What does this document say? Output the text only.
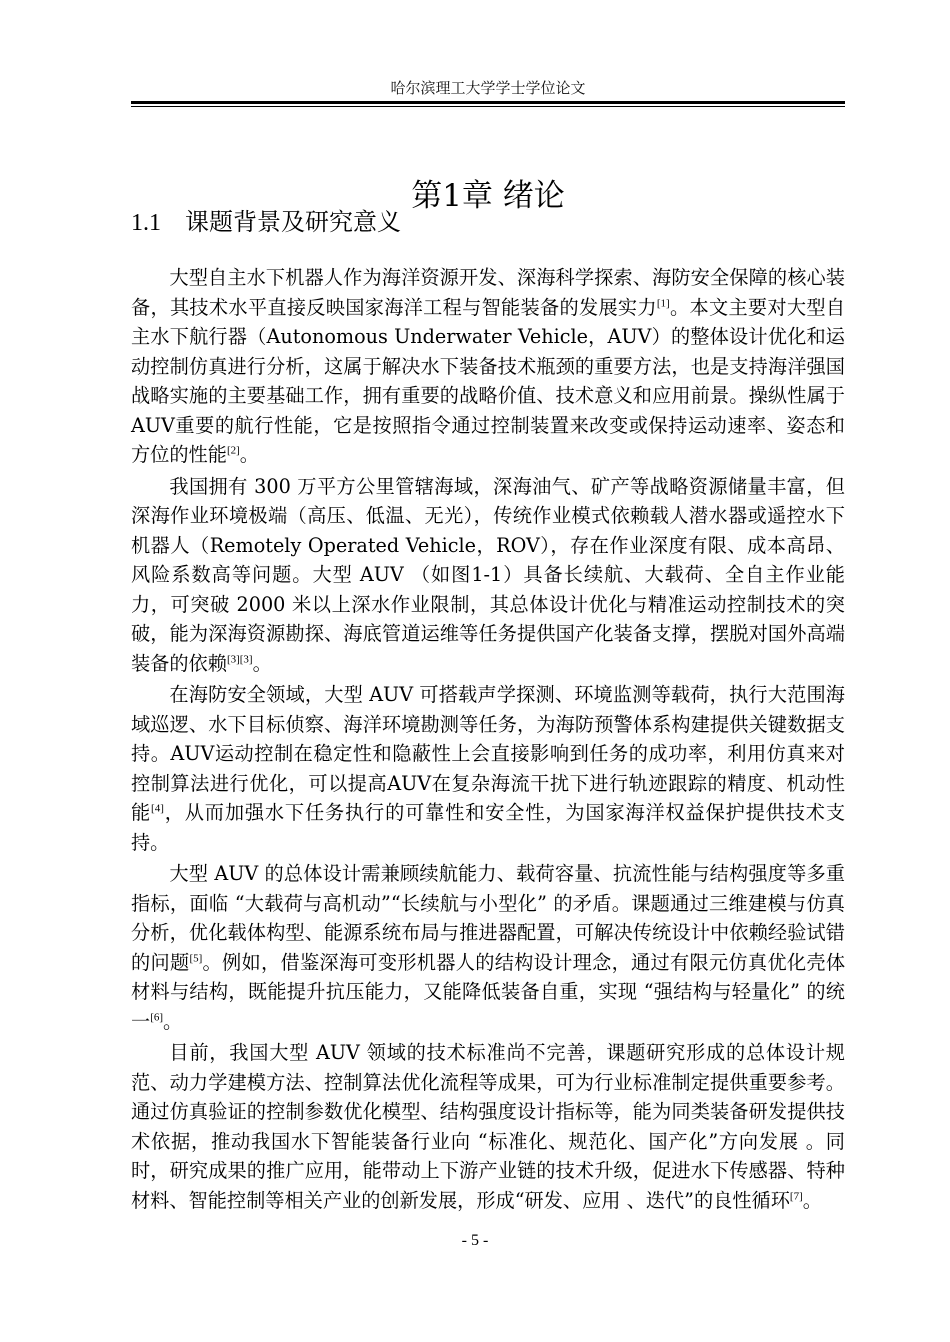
哈尔滨理工大学学士学位论文
第1章 绪论
1.1 课题背景及研究意义

大型自主水下机器人作为海洋资源开发、深海科学探索、海防安全保障的核心装备，其技术水平直接反映国家海洋工程与智能装备的发展实力[1]。本文主要对大型自主水下航行器（Autonomous Underwater Vehicle，AUV）的整体设计优化和运动控制仿真进行分析，这属于解决水下装备技术瓶颈的重要方法，也是支持海洋强国战略实施的主要基础工作，拥有重要的战略价值、技术意义和应用前景。操纵性属于AUV重要的航行性能，它是按照指令通过控制装置来改变或保持运动速率、姿态和方位的性能[2]。

我国拥有 300 万平方公里管辖海域，深海油气、矿产等战略资源储量丰富，但深海作业环境极端（高压、低温、无光），传统作业模式依赖载人潜水器或遥控水下机器人（Remotely Operated Vehicle，ROV），存在作业深度有限、成本高昂、风险系数高等问题。大型 AUV （如图1-1）具备长续航、大载荷、全自主作业能力，可突破 2000 米以上深水作业限制，其总体设计优化与精准运动控制技术的突破，能为深海资源勘探、海底管道运维等任务提供国产化装备支撑，摆脱对国外高端装备的依赖[3][3]。

在海防安全领域，大型 AUV 可搭载声学探测、环境监测等载荷，执行大范围海域巡逻、水下目标侦察、海洋环境勘测等任务，为海防预警体系构建提供关键数据支持。AUV运动控制在稳定性和隐蔽性上会直接影响到任务的成功率，利用仿真来对控制算法进行优化，可以提高AUV在复杂海流干扰下进行轨迹跟踪的精度、机动性能[4]，从而加强水下任务执行的可靠性和安全性，为国家海洋权益保护提供技术支持。

大型 AUV 的总体设计需兼顾续航能力、载荷容量、抗流性能与结构强度等多重指标，面临 “大载荷与高机动”“长续航与小型化” 的矛盾。课题通过三维建模与仿真分析，优化载体构型、能源系统布局与推进器配置，可解决传统设计中依赖经验试错的问题[5]。例如，借鉴深海可变形机器人的结构设计理念，通过有限元仿真优化壳体材料与结构，既能提升抗压能力，又能降低装备自重，实现 “强结构与轻量化” 的统一[6]。

目前，我国大型 AUV 领域的技术标准尚不完善，课题研究形成的总体设计规范、动力学建模方法、控制算法优化流程等成果，可为行业标准制定提供重要参考。通过仿真验证的控制参数优化模型、结构强度设计指标等，能为同类装备研发提供技术依据，推动我国水下智能装备行业向 “标准化、规范化、国产化”方向发展 。同时，研究成果的推广应用，能带动上下游产业链的技术升级，促进水下传感器、特种材料、智能控制等相关产业的创新发展，形成“研发、应用 、迭代”的良性循环[7]。

- 5 -
